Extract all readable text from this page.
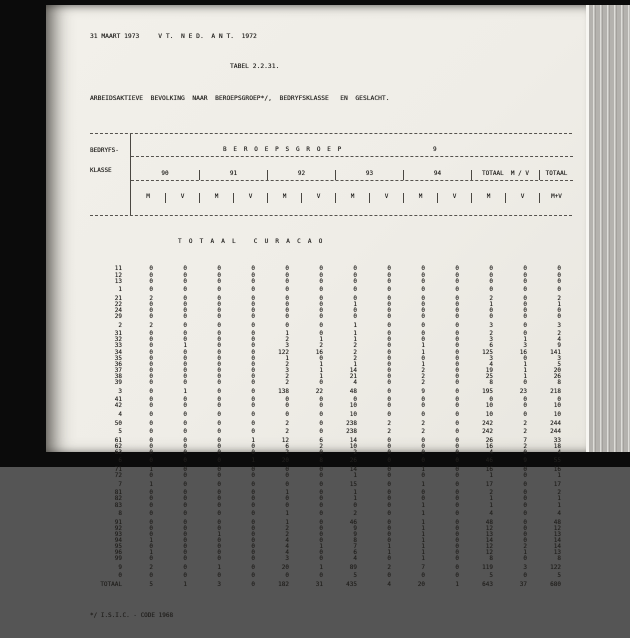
31 MAART 1973     V T.  N E D.  A N T.  1972

TABEL 2.2.31.

ARBEIDSAKTIEVE  BEVOLKING  NAAR  BEROEPSGROEP*/,  BEDRYFSKLASSE   EN  GESLACHT.

BEDRYFS-

KLASSE

B E R O E P S G R O E P

	9

90	91	92	93	94	TOTAAL  M / V	TOTAAL

M	V	M	V	M	V	M	V	M	V	M	V	M+V

T O T A A L   C U R A C A O

11	0	0	0	0	0	0	0	0	0	0	0	0	0
12	0	0	0	0	0	0	0	0	0	0	0	0	0
13	0	0	0	0	0	0	0	0	0	0	0	0	0
1	0	0	0	0	0	0	0	0	0	0	0	0	0
21	2	0	0	0	0	0	0	0	0	0	2	0	2
22	0	0	0	0	0	0	1	0	0	0	1	0	1
24	0	0	0	0	0	0	0	0	0	0	0	0	0
29	0	0	0	0	0	0	0	0	0	0	0	0	0
2	2	0	0	0	0	0	1	0	0	0	3	0	3
31	0	0	0	0	1	0	1	0	0	0	2	0	2
32	0	0	0	0	2	1	1	0	0	0	3	1	4
33	0	1	0	0	3	2	2	0	1	0	6	3	9
34	0	0	0	0	122	16	2	0	1	0	125	16	141
35	0	0	0	0	1	0	2	0	0	0	3	0	3
36	0	0	0	0	2	1	1	0	1	0	4	1	5
37	0	0	0	0	3	1	14	0	2	0	19	1	20
38	0	0	0	0	2	1	21	0	2	0	25	1	26
39	0	0	0	0	2	0	4	0	2	0	8	0	8
3	0	1	0	0	138	22	48	0	9	0	195	23	218
41	0	0	0	0	0	0	0	0	0	0	0	0	0
42	0	0	0	0	0	0	10	0	0	0	10	0	10
4	0	0	0	0	0	0	10	0	0	0	10	0	10
50	0	0	0	0	2	0	238	2	2	0	242	2	244
5	0	0	0	0	2	0	238	2	2	0	242	2	244
61	0	0	0	1	12	6	14	0	0	0	26	7	33
62	0	0	0	0	6	2	10	0	0	0	16	2	18
63	0	0	0	0	2	0	2	0	0	0	4	0	4
6	0	0	0	1	20	8	26	0	0	0	46	9	55
71	1	0	0	0	0	0	14	0	1	0	16	0	16
72	0	0	0	0	0	0	1	0	0	0	1	0	1
7	1	0	0	0	0	0	15	0	1	0	17	0	17
81	0	0	0	0	1	0	1	0	0	0	2	0	2
82	0	0	0	0	0	0	1	0	0	0	1	0	1
83	0	0	0	0	0	0	0	0	1	0	1	0	1
8	0	0	0	0	1	0	2	0	1	0	4	0	4
91	0	0	0	0	1	0	46	0	1	0	48	0	48
92	0	0	0	0	2	0	9	0	1	0	12	0	12
93	0	0	1	0	2	0	9	0	1	0	13	0	13
94	1	0	0	0	4	0	8	0	1	0	14	0	14
95	0	0	0	0	4	1	7	1	1	0	12	2	14
96	1	0	0	0	4	0	6	1	1	0	12	1	13
99	0	0	0	0	3	0	4	0	1	0	8	0	8
9	2	0	1	0	20	1	89	2	7	0	119	3	122
0	0	0	0	0	0	0	5	0	0	0	5	0	5
TOTAAL	5	1	3	0	182	31	435	4	20	1	643	37	680

*/ I.S.I.C. - CODE 1968
